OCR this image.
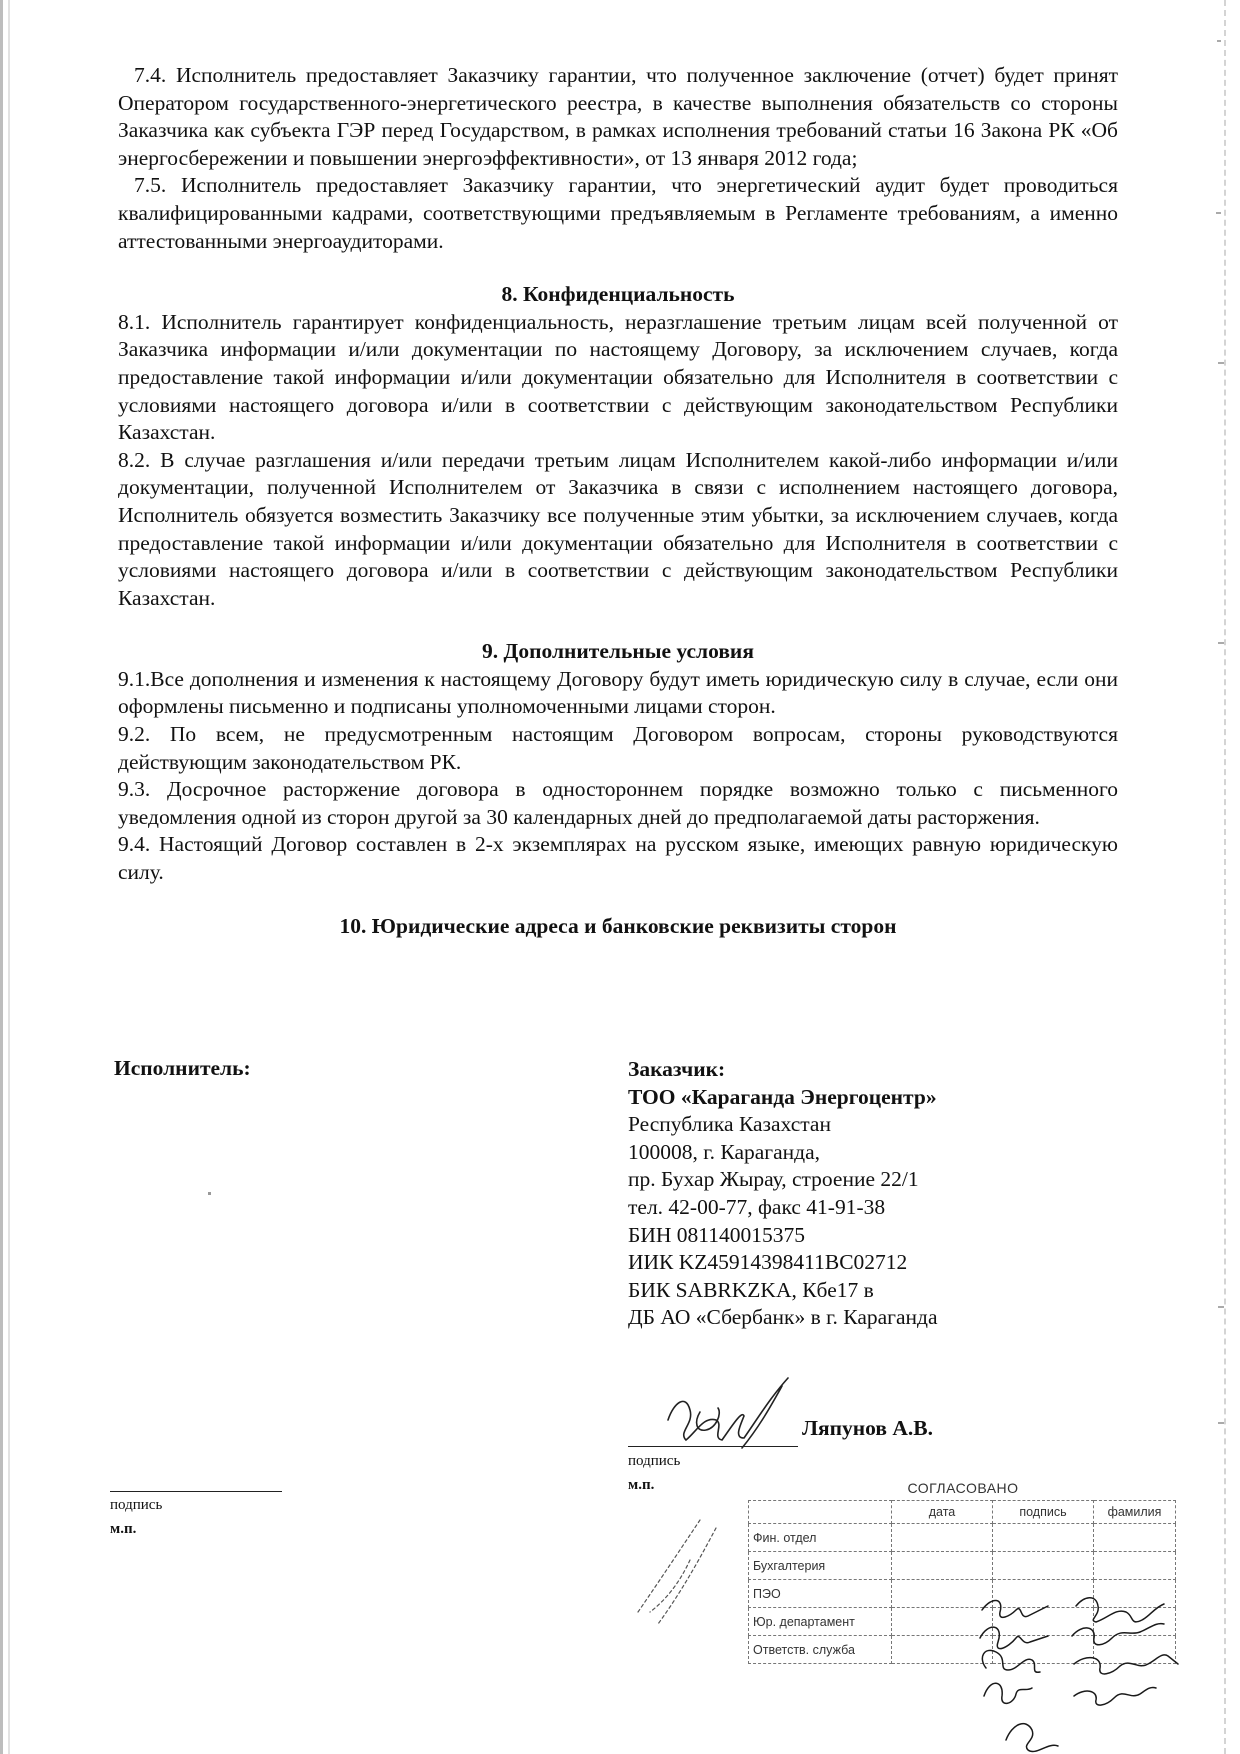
7.4. Исполнитель предоставляет Заказчику гарантии, что полученное заключение (отчет) будет принят Оператором государственного-энергетического реестра, в качестве выполнения обязательств со стороны Заказчика как субъекта ГЭР перед Государством, в рамках исполнения требований статьи 16 Закона РК «Об энергосбережении и повышении энергоэффективности», от 13 января 2012 года;

7.5. Исполнитель предоставляет Заказчику гарантии, что энергетический аудит будет проводиться квалифицированными кадрами, соответствующими предъявляемым в Регламенте требованиям, а именно аттестованными энергоаудиторами.

8. Конфиденциальность

8.1. Исполнитель гарантирует конфиденциальность, неразглашение третьим лицам всей полученной от Заказчика информации и/или документации по настоящему Договору, за исключением случаев, когда предоставление такой информации и/или документации обязательно для Исполнителя в соответствии с условиями настоящего договора и/или в соответствии с действующим законодательством Республики Казахстан.

8.2. В случае разглашения и/или передачи третьим лицам Исполнителем какой-либо информации и/или документации, полученной Исполнителем от Заказчика в связи с исполнением настоящего договора, Исполнитель обязуется возместить Заказчику все полученные этим убытки, за исключением случаев, когда предоставление такой информации и/или документации обязательно для Исполнителя в соответствии с условиями настоящего договора и/или в соответствии с действующим законодательством Республики Казахстан.

9. Дополнительные условия

9.1.Все дополнения и изменения к настоящему Договору будут иметь юридическую силу в случае, если они оформлены письменно и подписаны уполномоченными лицами сторон.

9.2. По всем, не предусмотренным настоящим Договором вопросам, стороны руководствуются действующим законодательством РК.

9.3. Досрочное расторжение договора в одностороннем порядке возможно только с письменного уведомления одной из сторон другой за 30 календарных дней до предполагаемой даты расторжения.

9.4. Настоящий Договор составлен в 2-х экземплярах на русском языке, имеющих равную юридическую силу.

10. Юридические адреса и банковские реквизиты сторон
Исполнитель:	Заказчик:
ТОО «Караганда Энергоцентр»
Республика Казахстан
100008, г. Караганда,
пр. Бухар Жырау, строение 22/1
тел. 42-00-77, факс 41-91-38
БИН 081140015375
ИИК KZ45914398411BC02712
БИК SABRKZKA, Кбе17 в
ДБ АО «Сбербанк» в г. Караганда
Ляпунов А.В.
подпись
м.п.
подпись
м.п.
СОГЛАСОВАНО
	дата	подпись	фамилия
Фин. отдел			
Бухгалтерия			
ПЭО			
Юр. департамент			
Ответств. служба			
